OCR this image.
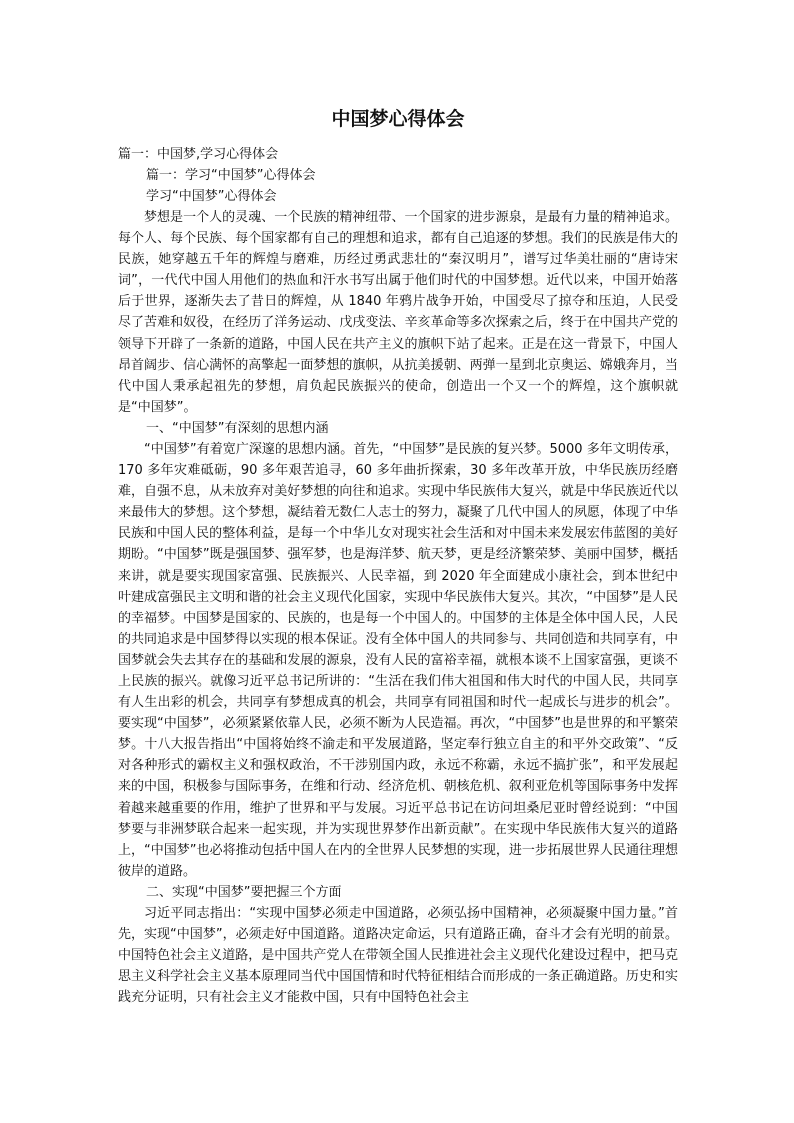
中国梦心得体会
篇一：中国梦,学习心得体会
篇一：学习“中国梦”心得体会
学习“中国梦”心得体会

梦想是一个人的灵魂、一个民族的精神纽带、一个国家的进步源泉，是最有力量的精神追求。每个人、每个民族、每个国家都有自己的理想和追求，都有自己追逐的梦想。我们的民族是伟大的民族，她穿越五千年的辉煌与磨难，历经过勇武悲壮的“秦汉明月”，谱写过华美壮丽的“唐诗宋词”，一代代中国人用他们的热血和汗水书写出属于他们时代的中国梦想。近代以来，中国开始落后于世界，逐渐失去了昔日的辉煌，从 1840 年鸦片战争开始，中国受尽了掠夺和压迫，人民受尽了苦难和奴役，在经历了洋务运动、戊戌变法、辛亥革命等多次探索之后，终于在中国共产党的领导下开辟了一条新的道路，中国人民在共产主义的旗帜下站了起来。正是在这一背景下，中国人昂首阔步、信心满怀的高擎起一面梦想的旗帜，从抗美援朝、两弹一星到北京奥运、嫦娥奔月，当代中国人秉承起祖先的梦想，肩负起民族振兴的使命，创造出一个又一个的辉煌，这个旗帜就是“中国梦”。

一、“中国梦”有深刻的思想内涵

“中国梦”有着宽广深邃的思想内涵。首先，“中国梦”是民族的复兴梦。5000 多年文明传承，170 多年灾难砥砺，90 多年艰苦追寻，60 多年曲折探索，30 多年改革开放，中华民族历经磨难，自强不息，从未放弃对美好梦想的向往和追求。实现中华民族伟大复兴，就是中华民族近代以来最伟大的梦想。这个梦想，凝结着无数仁人志士的努力，凝聚了几代中国人的夙愿，体现了中华民族和中国人民的整体利益，是每一个中华儿女对现实社会生活和对中国未来发展宏伟蓝图的美好期盼。“中国梦”既是强国梦、强军梦，也是海洋梦、航天梦，更是经济繁荣梦、美丽中国梦，概括来讲，就是要实现国家富强、民族振兴、人民幸福，到 2020 年全面建成小康社会，到本世纪中叶建成富强民主文明和谐的社会主义现代化国家，实现中华民族伟大复兴。其次，“中国梦”是人民的幸福梦。中国梦是国家的、民族的，也是每一个中国人的。中国梦的主体是全体中国人民，人民的共同追求是中国梦得以实现的根本保证。没有全体中国人的共同参与、共同创造和共同享有，中国梦就会失去其存在的基础和发展的源泉，没有人民的富裕幸福，就根本谈不上国家富强，更谈不上民族的振兴。就像习近平总书记所讲的：“生活在我们伟大祖国和伟大时代的中国人民，共同享有人生出彩的机会，共同享有梦想成真的机会，共同享有同祖国和时代一起成长与进步的机会”。要实现“中国梦”，必须紧紧依靠人民，必须不断为人民造福。再次，“中国梦”也是世界的和平繁荣梦。十八大报告指出“中国将始终不渝走和平发展道路，坚定奉行独立自主的和平外交政策”、“反对各种形式的霸权主义和强权政治，不干涉别国内政，永远不称霸，永远不搞扩张”，和平发展起来的中国，积极参与国际事务，在维和行动、经济危机、朝核危机、叙利亚危机等国际事务中发挥着越来越重要的作用，维护了世界和平与发展。习近平总书记在访问坦桑尼亚时曾经说到：“中国梦要与非洲梦联合起来一起实现，并为实现世界梦作出新贡献”。在实现中华民族伟大复兴的道路上，“中国梦”也必将推动包括中国人在内的全世界人民梦想的实现，进一步拓展世界人民通往理想彼岸的道路。

二、实现“中国梦”要把握三个方面

习近平同志指出：“实现中国梦必须走中国道路，必须弘扬中国精神，必须凝聚中国力量。”首先，实现“中国梦”，必须走好中国道路。道路决定命运，只有道路正确，奋斗才会有光明的前景。中国特色社会主义道路，是中国共产党人在带领全国人民推进社会主义现代化建设过程中，把马克思主义科学社会主义基本原理同当代中国国情和时代特征相结合而形成的一条正确道路。历史和实践充分证明，只有社会主义才能救中国，只有中国特色社会主
